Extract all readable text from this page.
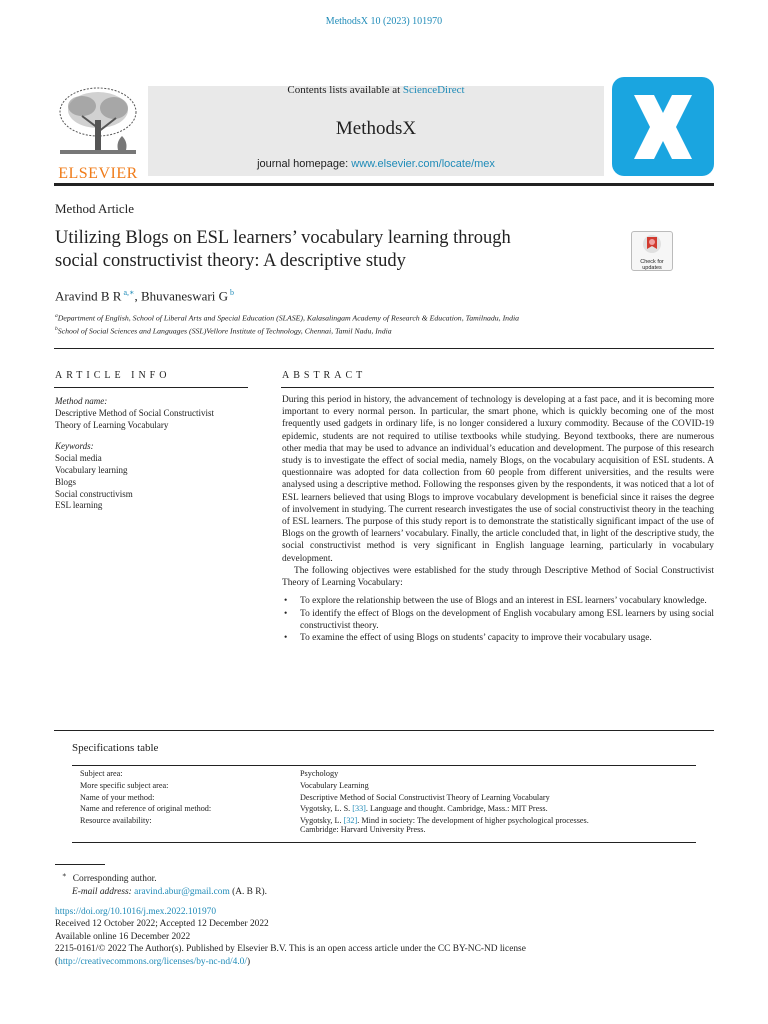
MethodsX 10 (2023) 101970
ELSEVIER
Contents lists available at ScienceDirect
MethodsX
journal homepage: www.elsevier.com/locate/mex
Method Article
Utilizing Blogs on ESL learners’ vocabulary learning through
social constructivist theory: A descriptive study	Check for
updates
Aravind B R $^{a,∗}$, Bhuvaneswari G $^b$
$^a$Department of English, School of Liberal Arts and Special Education (SLASE), Kalasalingam Academy of Research & Education, Tamilnadu, India
$^b$School of Social Sciences and Languages (SSL)Vellore Institute of Technology, Chennai, Tamil Nadu, India
ARTICLE INFO
Method name:
Descriptive Method of Social Constructivist
Theory of Learning Vocabulary
Keywords:
Social media
Vocabulary learning
Blogs
Social constructivism
ESL learning
ABSTRACT

During this period in history, the advancement of technology is developing at a fast pace, and it is becoming more important to every normal person. In particular, the smart phone, which is quickly becoming one of the most frequently used gadgets in ordinary life, is no longer considered a luxury commodity. Because of the COVID-19 epidemic, students are not required to utilise textbooks while studying. Beyond textbooks, there are numerous other media that may be used to advance an individual’s education and development. The purpose of this research study is to investigate the effect of social media, namely Blogs, on the vocabulary acquisition of ESL students. A questionnaire was adopted for data collection from 60 people from different universities, and the results were analysed using a descriptive method. Following the responses given by the respondents, it was noticed that a lot of ESL learners believed that using Blogs to improve vocabulary development is beneficial since it raises the degree of involvement in studying. The current research investigates the use of social constructivist theory in the teaching of ESL learners. The purpose of this study report is to demonstrate the statistically significant impact of the use of Blogs on the growth of learners’ vocabulary. Finally, the article concluded that, in light of the descriptive study, the social constructivist method is very significant in English language learning, particularly in vocabulary development.

The following objectives were established for the study through Descriptive Method of Social Constructivist Theory of Learning Vocabulary:

• To explore the relationship between the use of Blogs and an interest in ESL learners’ vocabulary knowledge.
• To identify the effect of Blogs on the development of English vocabulary among ESL learners by using social constructivist theory.
• To examine the effect of using Blogs on students’ capacity to improve their vocabulary usage.
Specifications table
Subject area:	Psychology
More specific subject area:	Vocabulary Learning
Name of your method:	Descriptive Method of Social Constructivist Theory of Learning Vocabulary
Name and reference of original method:	Vygotsky, L. S. [33]. Language and thought. Cambridge, Mass.: MIT Press.
Resource availability:	Vygotsky, L. [32]. Mind in society: The development of higher psychological processes.
Cambridge: Harvard University Press.
∗ Corresponding author.
E-mail address: aravind.abur@gmail.com (A. B R).
https://doi.org/10.1016/j.mex.2022.101970
Received 12 October 2022; Accepted 12 December 2022
Available online 16 December 2022
2215-0161/© 2022 The Author(s). Published by Elsevier B.V. This is an open access article under the CC BY-NC-ND license
(http://creativecommons.org/licenses/by-nc-nd/4.0/)
